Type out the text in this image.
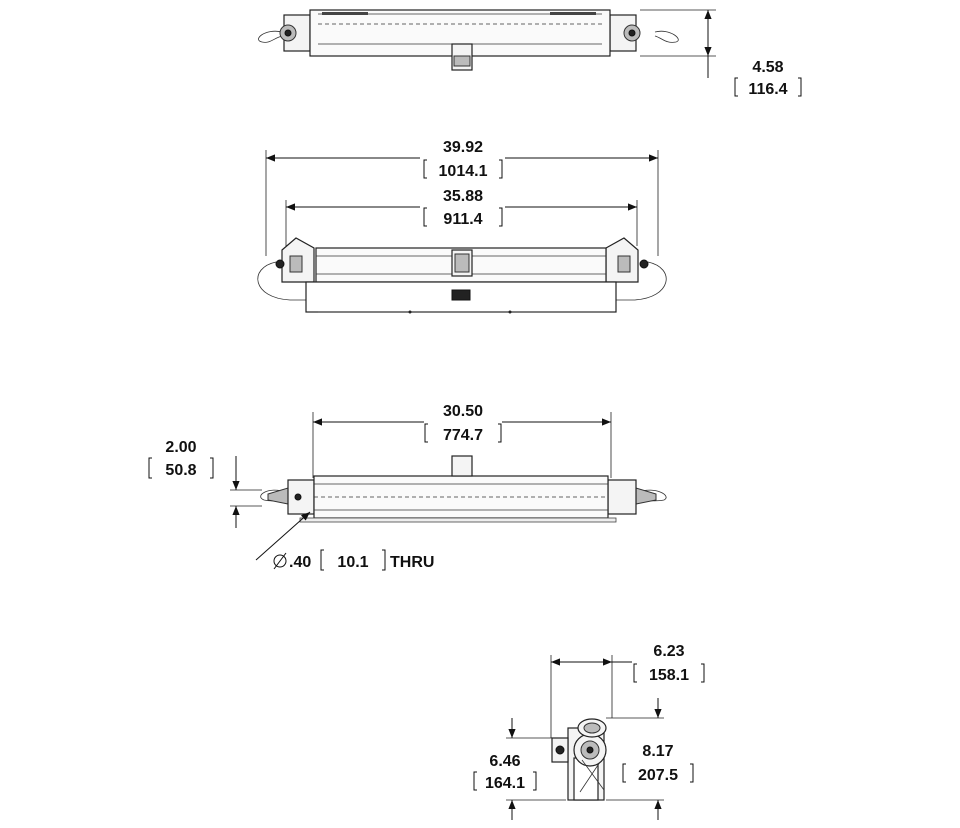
4.58
116.4
39.92
1014.1
35.88
911.4
30.50
774.7
2.00
50.8
.40 10.1 THRU
6.23
158.1
6.46
164.1
8.17
207.5
